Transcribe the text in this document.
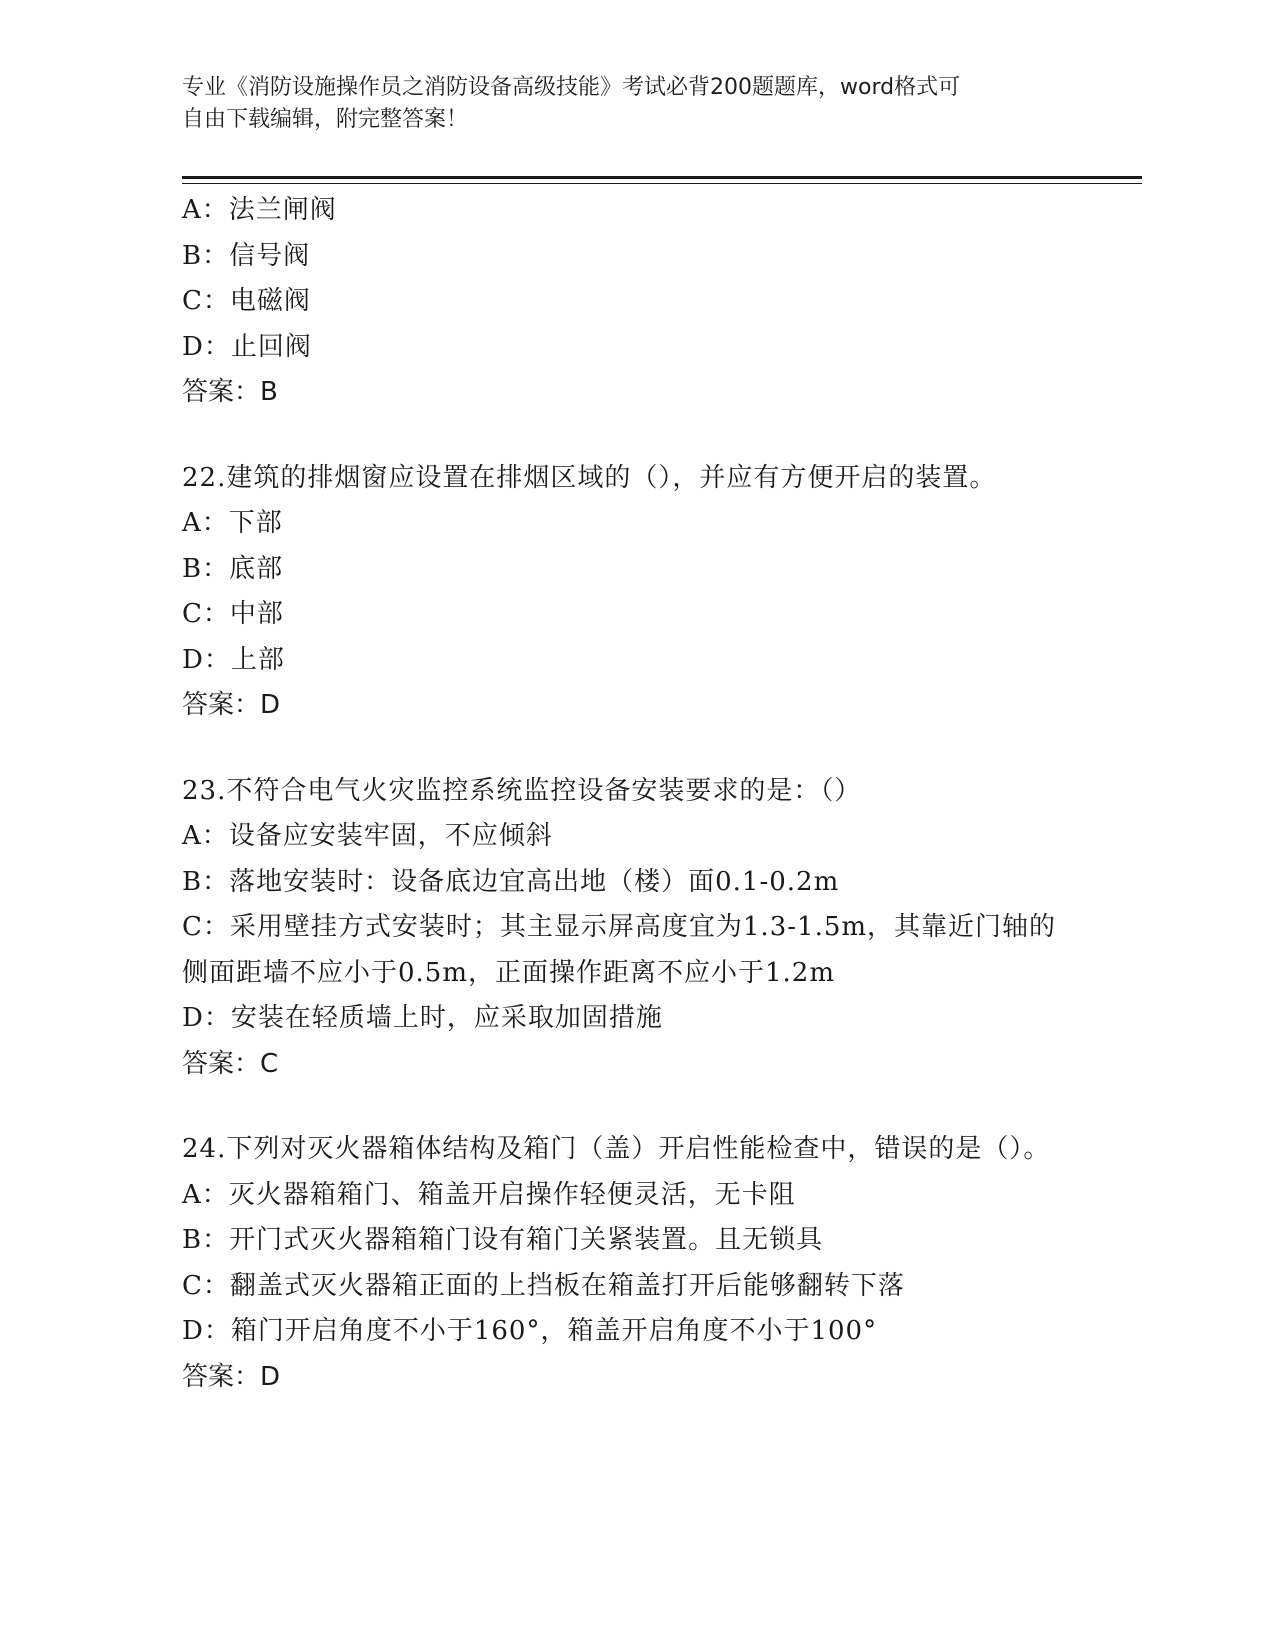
专业《消防设施操作员之消防设备高级技能》考试必背200题题库，word格式可
自由下载编辑，附完整答案！
A：法兰闸阀
B：信号阀
C：电磁阀
D：止回阀
答案：B
22.建筑的排烟窗应设置在排烟区域的（），并应有方便开启的装置。
A：下部
B：底部
C：中部
D：上部
答案：D
23.不符合电气火灾监控系统监控设备安装要求的是：（）
A：设备应安装牢固，不应倾斜
B：落地安装时：设备底边宜高出地（楼）面0.1-0.2m
C：采用壁挂方式安装时；其主显示屏高度宜为1.3-1.5m，其靠近门轴的侧面距墙不应小于0.5m，正面操作距离不应小于1.2m
D：安装在轻质墙上时，应采取加固措施
答案：C
24.下列对灭火器箱体结构及箱门（盖）开启性能检查中，错误的是（）。
A：灭火器箱箱门、箱盖开启操作轻便灵活，无卡阻
B：开门式灭火器箱箱门设有箱门关紧装置。且无锁具
C：翻盖式灭火器箱正面的上挡板在箱盖打开后能够翻转下落
D：箱门开启角度不小于160°，箱盖开启角度不小于100°
答案：D
